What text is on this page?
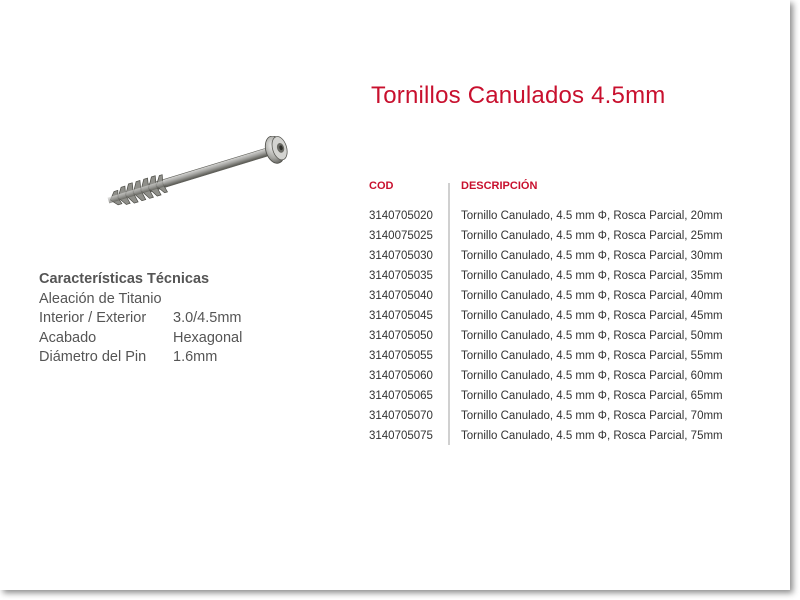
Tornillos Canulados 4.5mm
Características Técnicas
Aleación de Titanio
Interior / Exterior 3.0/4.5mm
Acabado	Hexagonal
Diámetro del Pin 1.6mm
COD
3140705020
3140075025
3140705030
3140705035
3140705040
3140705045
3140705050
3140705055
3140705060
3140705065
3140705070
3140705075
DESCRIPCIÓN
Tornillo Canulado, 4.5 mm Φ, Rosca Parcial, 20mm
Tornillo Canulado, 4.5 mm Φ, Rosca Parcial, 25mm
Tornillo Canulado, 4.5 mm Φ, Rosca Parcial, 30mm
Tornillo Canulado, 4.5 mm Φ, Rosca Parcial, 35mm
Tornillo Canulado, 4.5 mm Φ, Rosca Parcial, 40mm
Tornillo Canulado, 4.5 mm Φ, Rosca Parcial, 45mm
Tornillo Canulado, 4.5 mm Φ, Rosca Parcial, 50mm
Tornillo Canulado, 4.5 mm Φ, Rosca Parcial, 55mm
Tornillo Canulado, 4.5 mm Φ, Rosca Parcial, 60mm
Tornillo Canulado, 4.5 mm Φ, Rosca Parcial, 65mm
Tornillo Canulado, 4.5 mm Φ, Rosca Parcial, 70mm
Tornillo Canulado, 4.5 mm Φ, Rosca Parcial, 75mm
